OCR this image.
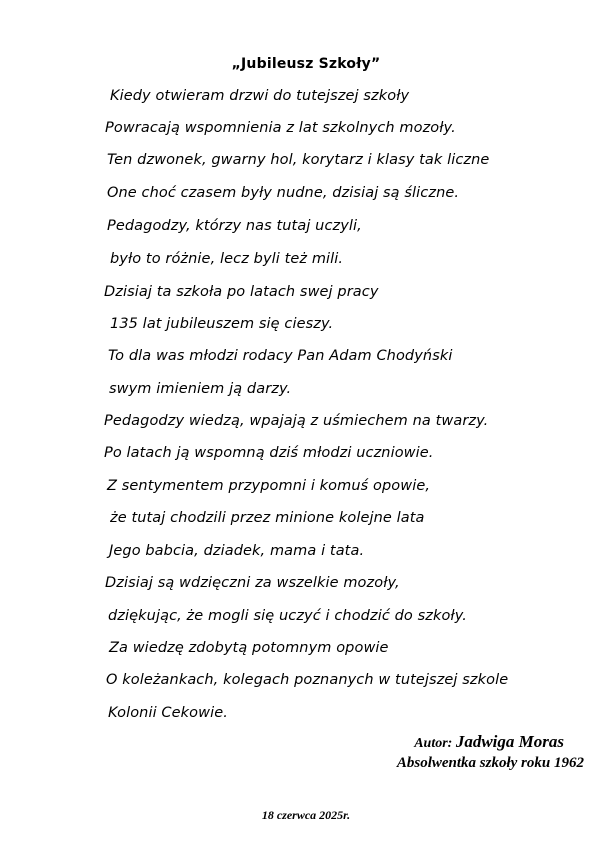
„Jubileusz Szkoły”
Kiedy otwieram drzwi do tutejszej szkoły
Powracają wspomnienia z lat szkolnych mozoły.
Ten dzwonek, gwarny hol, korytarz i klasy tak liczne
One choć czasem były nudne, dzisiaj są śliczne.
Pedagodzy, którzy nas tutaj uczyli,
było to różnie, lecz byli też mili.
Dzisiaj ta szkoła po latach swej pracy
135 lat jubileuszem się cieszy.
To dla was młodzi rodacy Pan Adam Chodyński
swym imieniem ją darzy.
Pedagodzy wiedzą, wpajają z uśmiechem na twarzy.
Po latach ją wspomną dziś młodzi uczniowie.
Z sentymentem przypomni i komuś opowie,
że tutaj chodzili przez minione kolejne lata
Jego babcia, dziadek, mama i tata.
Dzisiaj są wdzięczni za wszelkie mozoły,
dziękując, że mogli się uczyć i chodzić do szkoły.
Za wiedzę zdobytą potomnym opowie
O koleżankach, kolegach poznanych w tutejszej szkole
Kolonii Cekowie.
Autor: Jadwiga Moras
Absolwentka szkoły roku 1962
18 czerwca 2025r.
